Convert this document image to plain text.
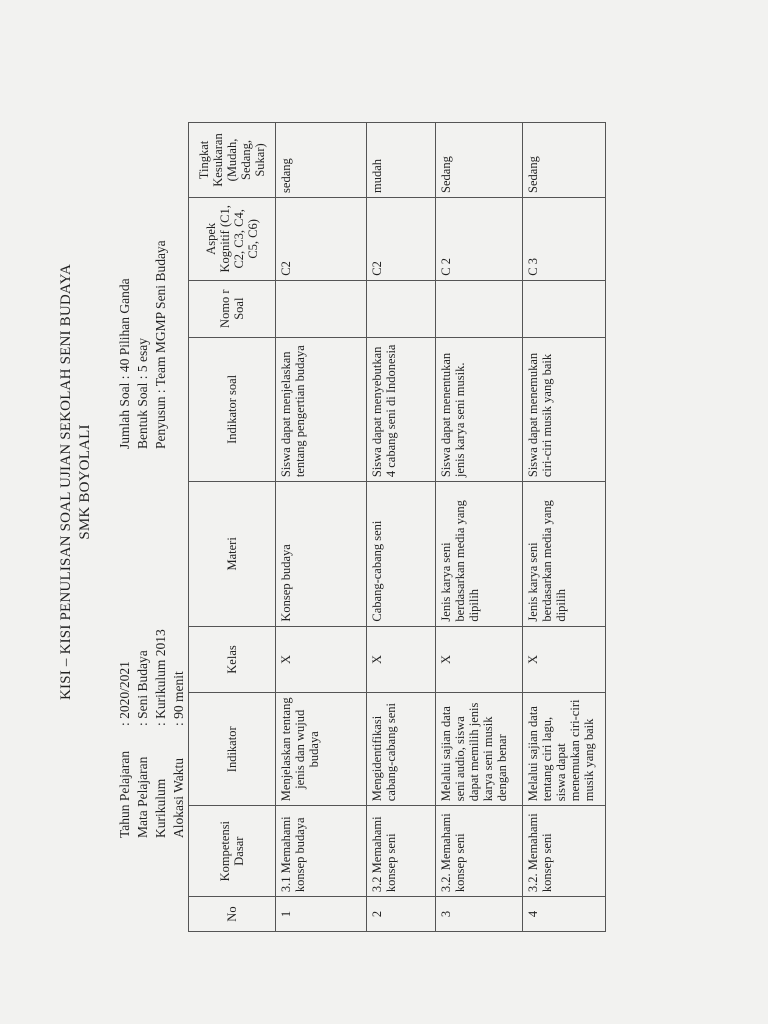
KISI – KISI PENULISAN SOAL UJIAN SEKOLAH SENI BUDAYA SMK BOYOLALI
Tahun Pelajaran
: 2020/2021
Mata Pelajaran
: Seni Budaya
Kurikulum
: Kurikulum 2013
Alokasi Waktu
: 90 menit
Jumlah Soal : 40 Pilihan Ganda Bentuk Soal : 5 esay Penyusun : Team MGMP Seni Budaya
No	Kompetensi Dasar	Indikator	Kelas	Materi	Indikator soal	Nomo r Soal	Aspek Kognitif (C1, C2, C3, C4, C5, C6)	Tingkat Kesukaran (Mudah, Sedang, Sukar)
1	3.1 Memahami konsep budaya	Menjelaskan tentang jenis dan wujud budaya	X	Konsep budaya	Siswa dapat menjelaskan tentang pengertian budaya		C2	sedang
2	3.2 Memahami konsep seni	Mengidentifikasi cabang-cabang seni	X	Cabang-cabang seni	Siswa dapat menyebutkan 4 cabang seni di Indonesia		C2	mudah
3	3.2. Memahami konsep seni	Melalui sajian data seni audio, siswa dapat memilih jenis karya seni musik dengan benar	X	Jenis karya seni berdasarkan media yang dipilih	Siswa dapat menentukan jenis karya seni musik.		C 2	Sedang
4	3.2. Memahami konsep seni	Melalui sajian data tentang ciri lagu, siswa dapat menemukan ciri-ciri musik yang baik	X	Jenis karya seni berdasarkan media yang dipilih	Siswa dapat menemukan ciri-ciri musik yang baik		C 3	Sedang
